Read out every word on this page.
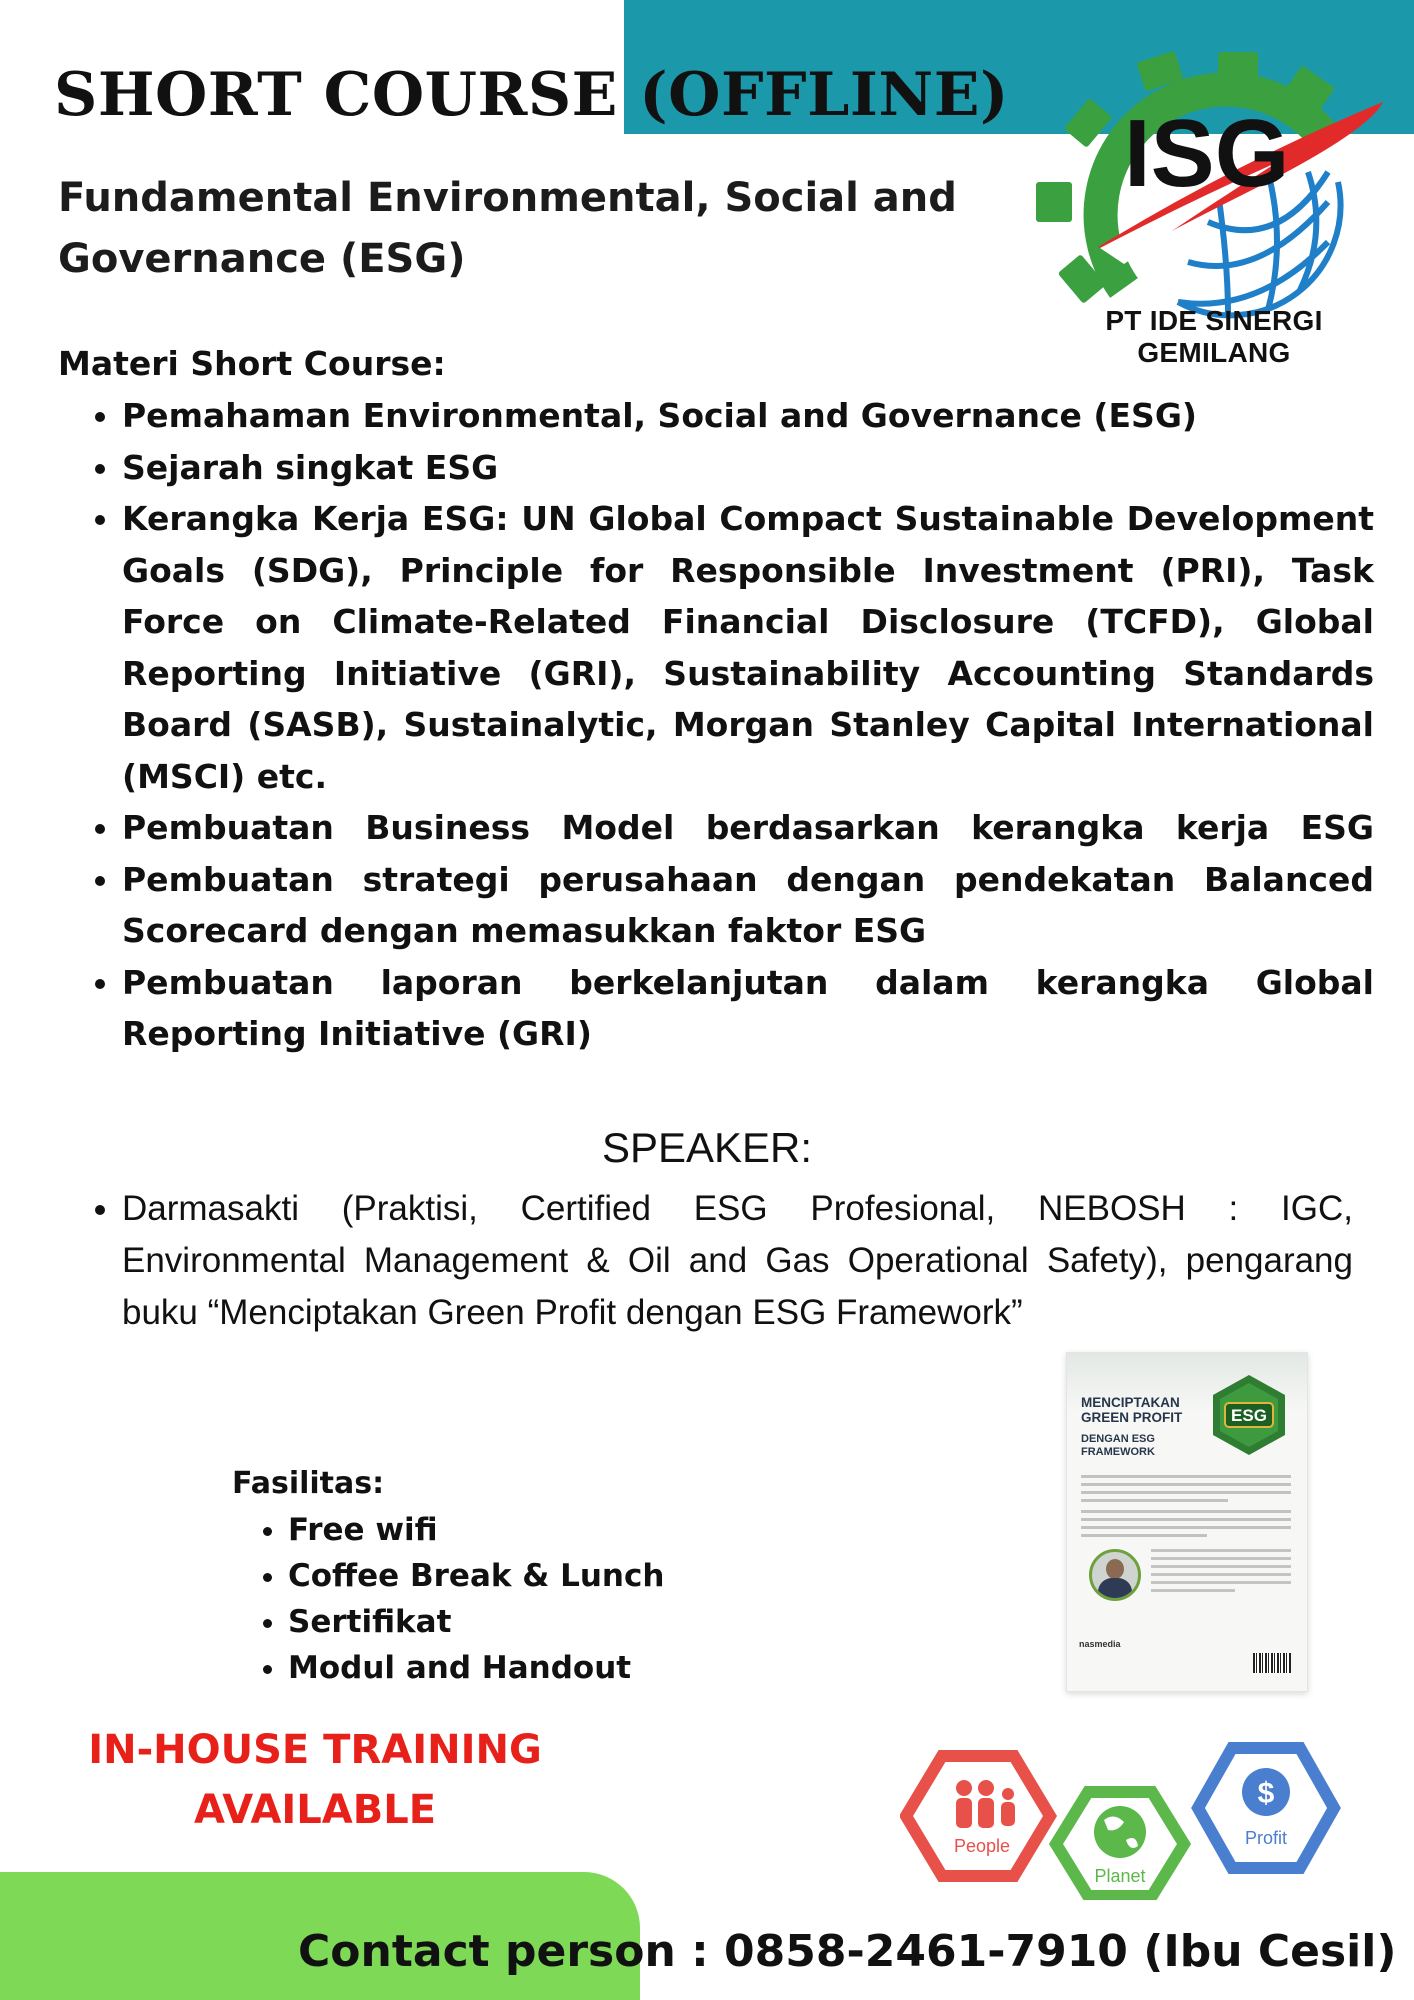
SHORT COURSE (OFFLINE)
Fundamental Environmental, Social and Governance (ESG)
ISG
PT IDE SINERGI GEMILANG
Materi Short Course:
• Pemahaman Environmental, Social and Governance (ESG)
• Sejarah singkat ESG
• Kerangka Kerja ESG: UN Global Compact Sustainable Development Goals (SDG), Principle for Responsible Investment (PRI), Task Force on Climate-Related Financial Disclosure (TCFD), Global Reporting Initiative (GRI), Sustainability Accounting Standards Board (SASB), Sustainalytic, Morgan Stanley Capital International (MSCI) etc.
• Pembuatan Business Model berdasarkan kerangka kerja ESG
• Pembuatan strategi perusahaan dengan pendekatan Balanced Scorecard dengan memasukkan faktor ESG
• Pembuatan laporan berkelanjutan dalam kerangka Global Reporting Initiative (GRI)
SPEAKER:
• Darmasakti (Praktisi, Certified ESG Profesional, NEBOSH : IGC, Environmental Management & Oil and Gas Operational Safety), pengarang buku “Menciptakan Green Profit dengan ESG Framework”
MENCIPTAKAN GREEN PROFIT
DENGAN ESG FRAMEWORK
ESG
nasmedia
Fasilitas:
• Free wifi
• Coffee Break & Lunch
• Sertifikat
• Modul and Handout
IN-HOUSE TRAINING
AVAILABLE
People
Planet
$
Profit
Contact person : 0858-2461-7910 (Ibu Cesil)
